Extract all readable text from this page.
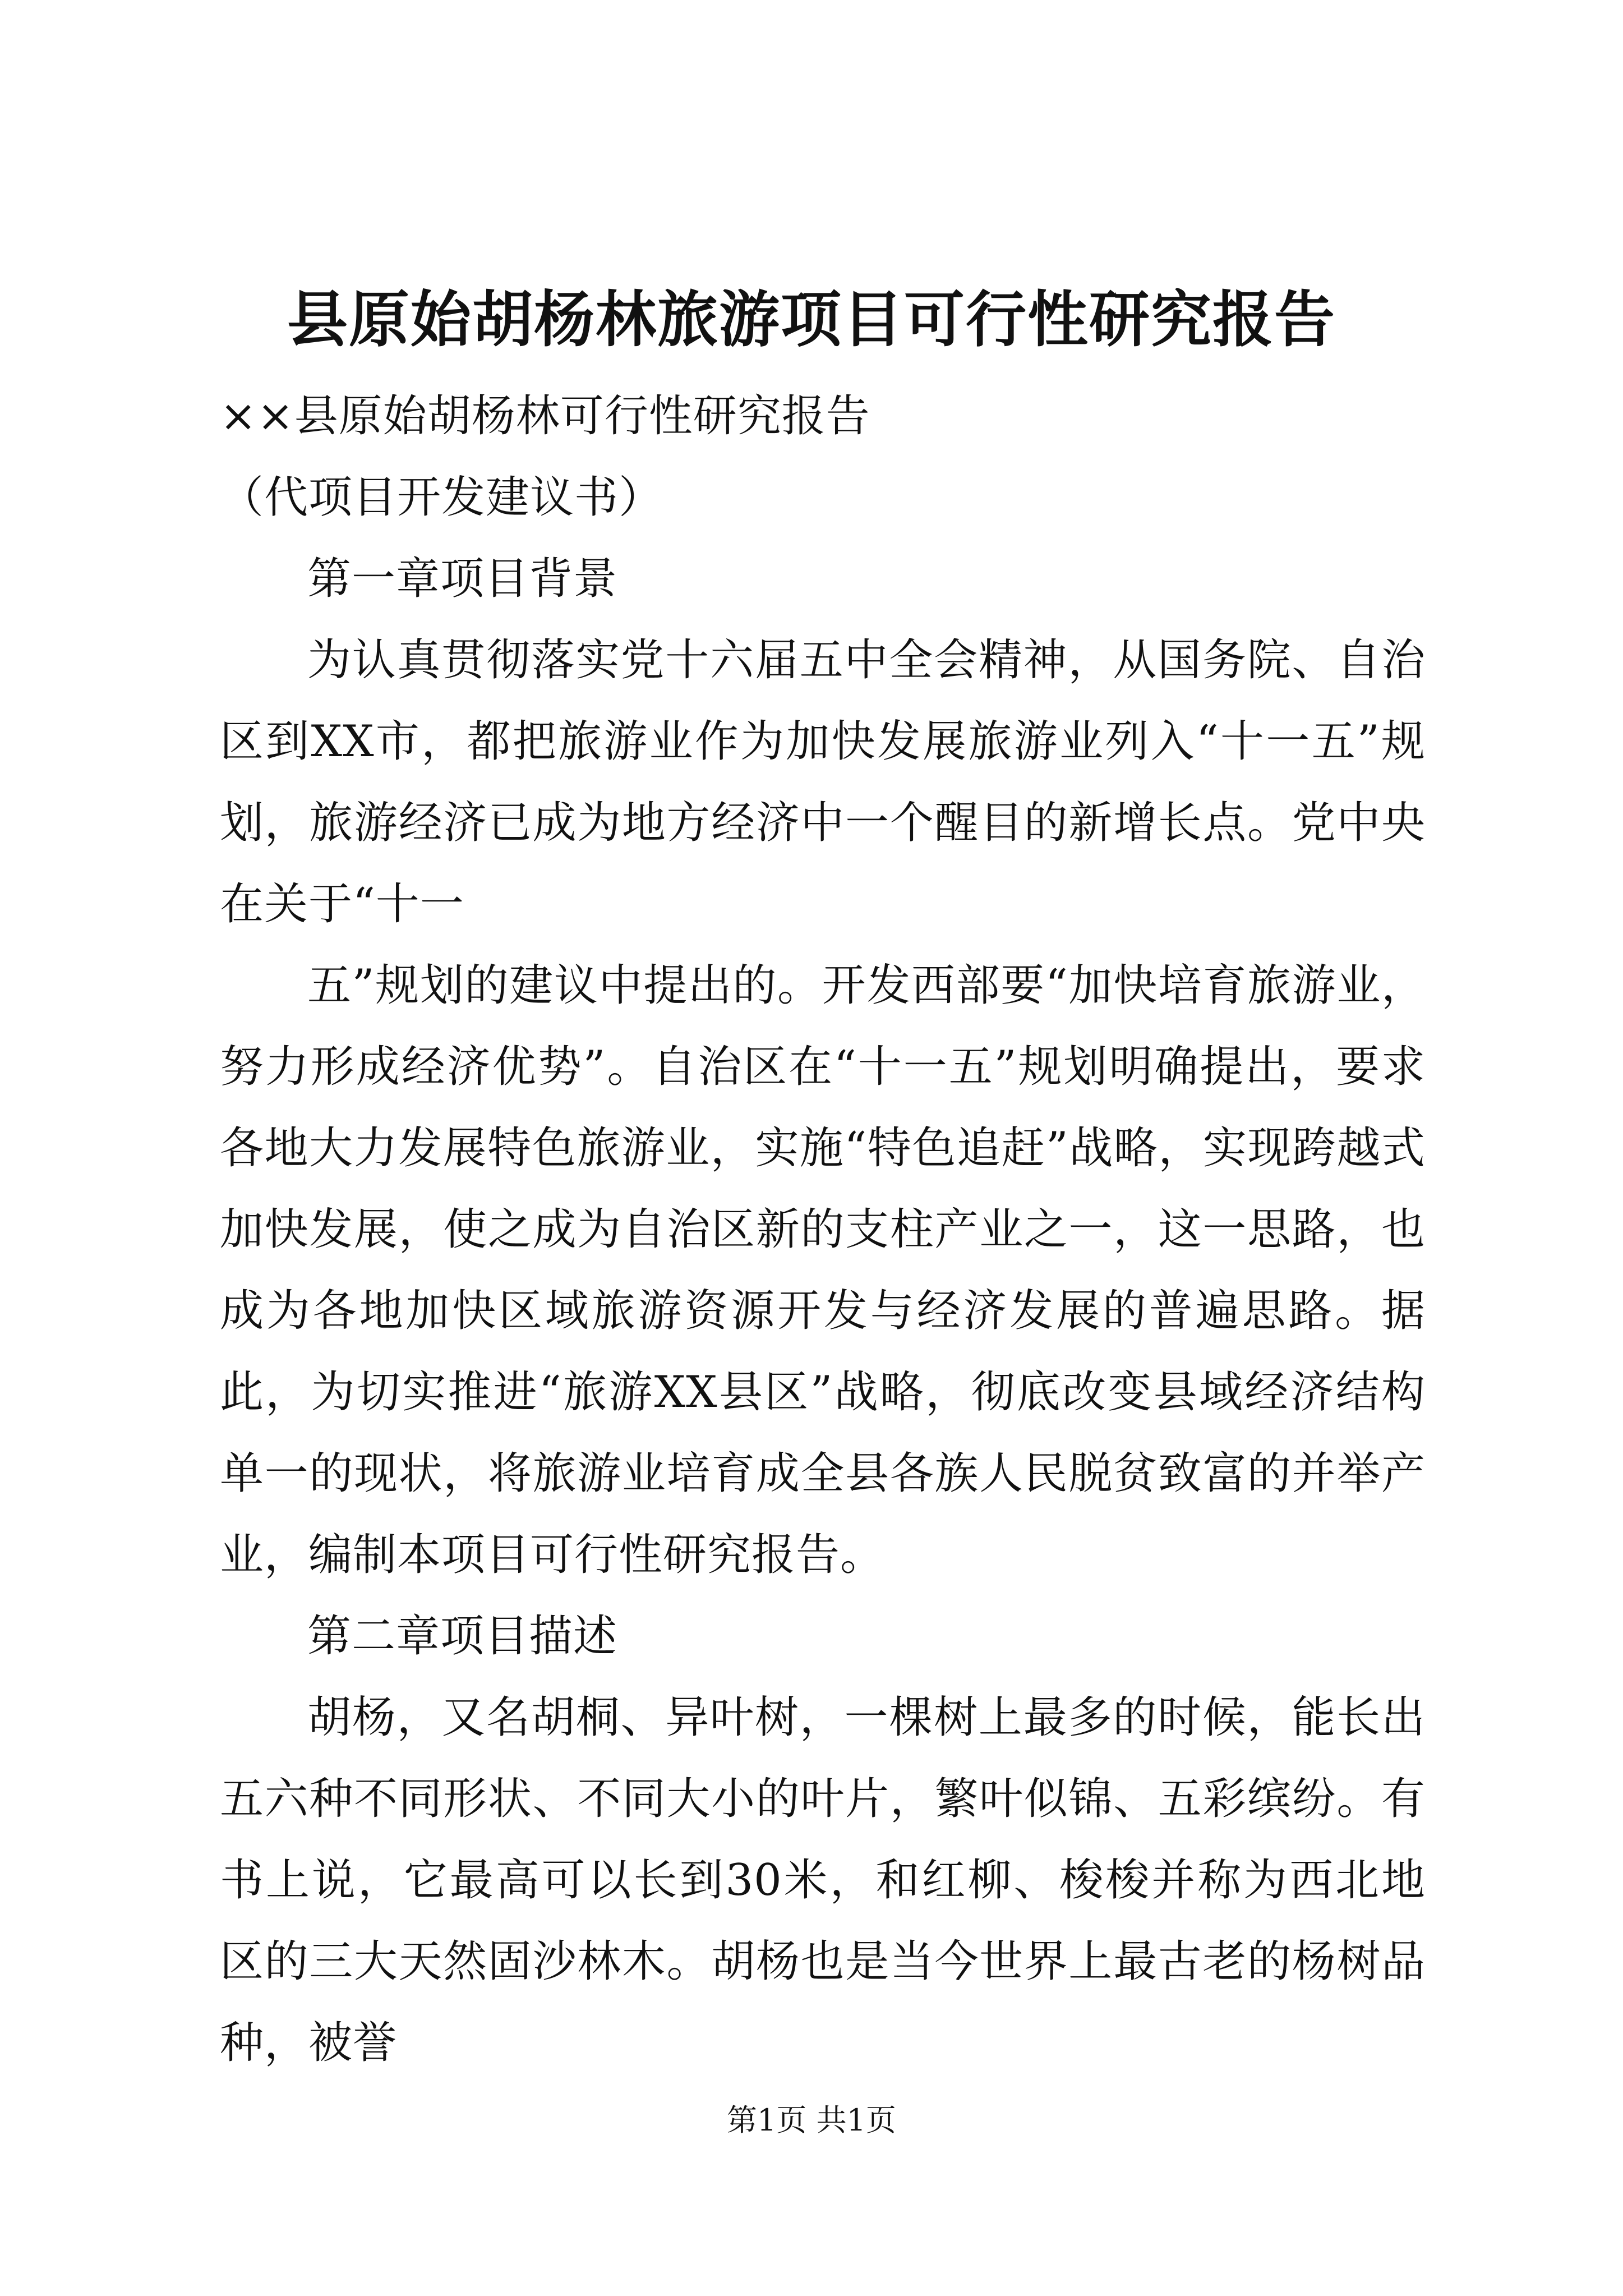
县原始胡杨林旅游项目可行性研究报告

××县原始胡杨林可行性研究报告

（代项目开发建议书）

第一章项目背景

为认真贯彻落实党十六届五中全会精神，从国务院、自治区到XX市，都把旅游业作为加快发展旅游业列入“十一五”规划，旅游经济已成为地方经济中一个醒目的新增长点。党中央在关于“十一

五”规划的建议中提出的。开发西部要“加快培育旅游业，努力形成经济优势”。自治区在“十一五”规划明确提出，要求各地大力发展特色旅游业，实施“特色追赶”战略，实现跨越式加快发展，使之成为自治区新的支柱产业之一，这一思路，也成为各地加快区域旅游资源开发与经济发展的普遍思路。据此，为切实推进“旅游XX县区”战略，彻底改变县域经济结构单一的现状，将旅游业培育成全县各族人民脱贫致富的并举产业，编制本项目可行性研究报告。

第二章项目描述

胡杨，又名胡桐、异叶树，一棵树上最多的时候，能长出五六种不同形状、不同大小的叶片，繁叶似锦、五彩缤纷。有书上说，它最高可以长到30米，和红柳、梭梭并称为西北地区的三大天然固沙林木。胡杨也是当今世界上最古老的杨树品种，被誉

第1页 共1页
